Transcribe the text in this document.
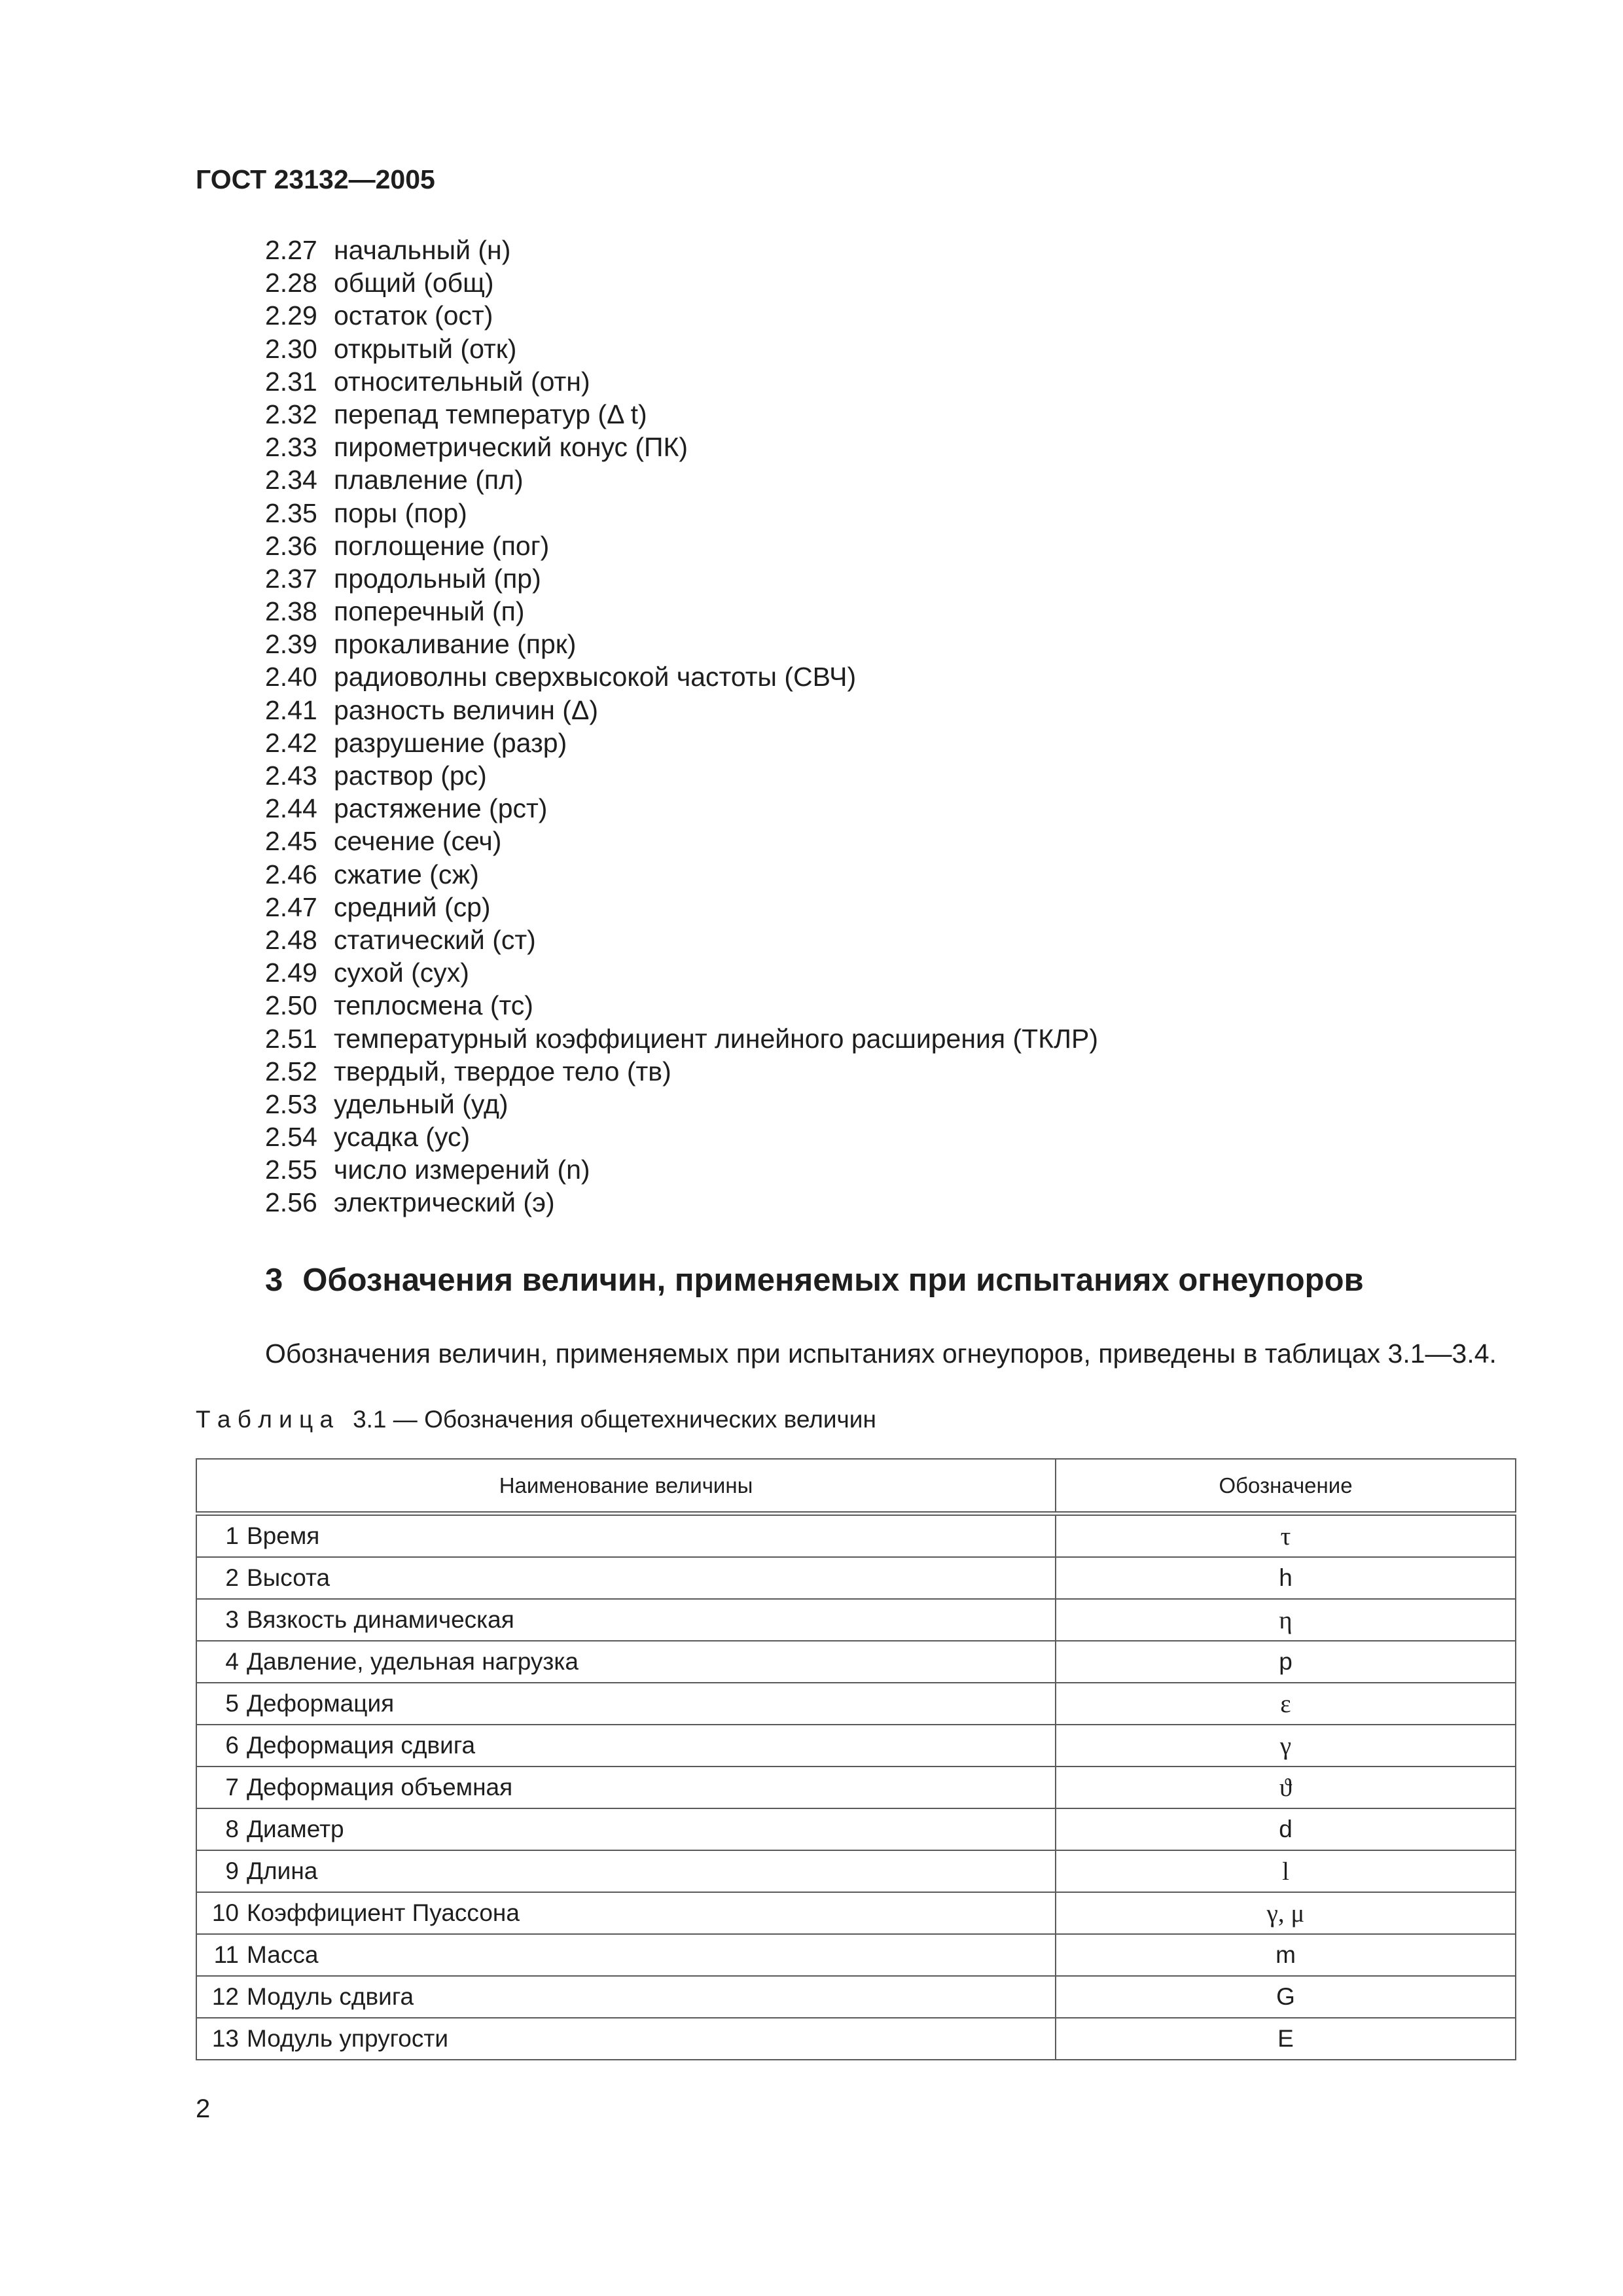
ГОСТ 23132—2005
2.27 начальный (н)
2.28 общий (общ)
2.29 остаток (ост)
2.30 открытый (отк)
2.31 относительный (отн)
2.32 перепад температур (Δ t)
2.33 пирометрический конус (ПК)
2.34 плавление (пл)
2.35 поры (пор)
2.36 поглощение (пог)
2.37 продольный (пр)
2.38 поперечный (п)
2.39 прокаливание (прк)
2.40 радиоволны сверхвысокой частоты (СВЧ)
2.41 разность величин (Δ)
2.42 разрушение (разр)
2.43 раствор (рс)
2.44 растяжение (рст)
2.45 сечение (сеч)
2.46 сжатие (сж)
2.47 средний (ср)
2.48 статический (ст)
2.49 сухой (сух)
2.50 теплосмена (тс)
2.51 температурный коэффициент линейного расширения (ТКЛР)
2.52 твердый, твердое тело (тв)
2.53 удельный (уд)
2.54 усадка (ус)
2.55 число измерений (n)
2.56 электрический (э)
3 Обозначения величин, применяемых при испытаниях огнеупоров
Обозначения величин, применяемых при испытаниях огнеупоров, приведены в таблицах 3.1—3.4.
Т а б л и ц а 3.1 — Обозначения общетехнических величин
Наименование величины	Обозначение
1 Время	τ
2 Высота	h
3 Вязкость динамическая	η
4 Давление, удельная нагрузка	p
5 Деформация	ε
6 Деформация сдвига	γ
7 Деформация объемная	ϑ
8 Диаметр	d
9 Длина	l
10 Коэффициент Пуассона	γ, μ
11 Масса	m
12 Модуль сдвига	G
13 Модуль упругости	E
2
